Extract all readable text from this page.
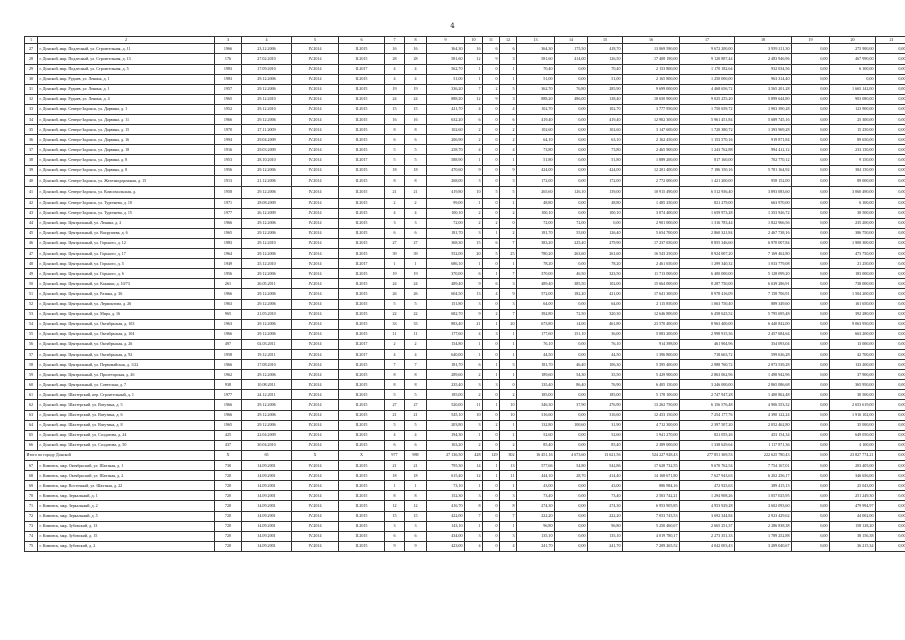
4
1	2	3	4	5	6	7	8	9	10	11	12	13	14	15	16	17	18	19	20	21
27	г. Донской, мкр. Подлесный, ул. Строительная, д. 11	1966	23.12.2006	IV.2014	II.2015	16	16	364,30	16	6	6	364,30	175,50	418,70	13 069 590,00	9 672 200,00	3 959 211,30	0,00	275 900,00	0,00
28	г. Донской, мкр. Подлесный, ул. Строительная, д. 13	176	27.02.2010	IV.2014	II.2015	28	28	581,60	12	9	3	581,60	414,00	126,50	17 408 190,00	9 120 887,44	2 483 946,96	0,00	467 990,00	0,00
29	г. Донской, мкр. Подлесный, ул. Строительная, д. 5	1983	17.09.2010	IV.2014	II.2017	4	4	562,70	1	0	1	70,40	0,00	70,40	2 153 800,00	1 170 182,64	932 034,56	0,00	6 100,00	0,00
30	г. Донской, мкр. Руднев, ул. Ленина, д. 1	1983	29.12.2006	IV.2014	II.2015	4	4	51,00	1	0	1	51,00	0,00	51,00	2 165 800,00	1 250 000,00	963 314,40	0,00	0,00	0,00
31	г. Донской, мкр. Руднев, ул. Ленина, д. 1	1957	29.12.2006	IV.2014	II.2015	19	19	336,20	7	2	5	362,70	76,80	285,90	9 699 000,00	4 468 656,72	3 565 201,28	0,00	1 665 142,00	0,00
32	г. Донской, мкр. Руднев, ул. Ленина, д. 4	1965	29.12.2010	IV.2014	II.2015	24	24	888,20	12	9	3	888,20	486,00	138,40	18 650 900,00	9 025 255,20	5 899 644,80	0,00	903 080,00	0,00
33	г. Донской, мкр. Северо-Задонск, ул. Дарвина, д. 1	1952	29.12.2010	IV.2014	II.2015	15	15	421,70	4	0	4	102,70	0,00	102,70	3 777 950,00	1 750 659,72	1 903 390,28	0,00	123 900,00	0,00
34	г. Донской, мкр. Северо-Задонск, ул. Дарвина, д. 11	1966	29.12.2006	IV.2014	II.2015	16	16	632,20	6	0	6	419,40	0,00	419,40	12 902 300,00	5 961 451,84	5 689 745,16	0,00	25 300,00	0,00
35	г. Донской, мкр. Северо-Задонск, ул. Дарвина, д. 15	1970	27.11.2009	IV.2014	II.2015	8	8	102,60	2	0	2	102,60	0,00	102,60	3 147 600,00	1 720 380,72	1 393 969,28	0,00	15 250,00	0,00
36	г. Донской, мкр. Северо-Задонск, ул. Дарвина, д. 16	1994	29.04.2009	IV.2014	II.2015	6	6	206,90	2	0	2	64,10	0,00	63,10	2 162 450,00	1 153 570,16	919 871,84	0,00	89 650,00	0,00
37	г. Донской, мкр. Северо-Задонск, ул. Дарвина, д. 18	1916	29.03.2009	IV.2014	II.2015	5	5	258,70	4	0	4	73,80	0,00	73,80	2 465 900,00	1 243 762,88	994 412,12	0,00	233 150,00	0,00
38	г. Донской, мкр. Северо-Задонск, ул. Дарвина, д. 8	1953	28.10.2010	IV.2014	II.2017	5	5	588,90	1	0	1	51,80	0,00	51,80	1 889 200,00	817 160,00	702 770,12	0,00	9 150,00	0,00
39	г. Донской, мкр. Северо-Задонск, ул. Дарвина, д. 8	1956	29.12.2006	IV.2014	II.2015	18	18	470,60	9	0	9	424,00	0,00	424,00	12 201 400,00	7 186 150,16	5 781 164,92	0,00	384 150,00	0,00
40	г. Донской, мкр. Северо-Задонск, ул. Железнодорожная, д. 15	1913	21.12.2006	IV.2014	II.2015	8	8	268,00	3	0	3	172,00	0,00	172,00	2 772 000,00	1 421 200,00	958 152,00	0,00	89 000,00	0,00
41	г. Донской, мкр. Северо-Задонск, ул. Комсомольская, д.	1958	29.12.2006	IV.2014	II.2015	21	21	419,80	10	5	5	265,60	126,10	139,00	10 915 490,00	6 512 936,40	3 893 083,60	0,00	3 060 490,00	0,00
42	г. Донской, мкр. Северо-Задонск, ул. Тургенева, д. 10	1971	28.08.2009	IV.2014	II.2015	2	2	99,00	1	0	1	48,80	0,00	48,80	1 485 250,00	821 279,00	663 970,00	0,00	6 100,00	0,00
43	г. Донской, мкр. Северо-Задонск, ул. Тургенева, д. 15	1977	26.12.2009	IV.2014	II.2015	4	4	100,10	2	0	2	100,10	0,00	100,10	3 074 400,00	1 659 973,28	1 353 926,72	0,00	30 500,00	0,00
44	г. Донской, мкр. Центральный, ул. Ленина, д. 2	1966	29.12.2006	IV.2014	II.2015	3	3	72,00	2	2	0	72,00	72,00	0,00	2 901 000,00	1 316 783,44	1 822 966,56	0,00	235 200,00	0,00
45	г. Донской, мкр. Центральный, ул. Вахрушева, д. 6	1965	29.12.2006	IV.2014	II.2015	6	6	181,70	3	1	2	181,70	55,00	126,40	5 654 700,00	2 860 321,84	2 467 738,16	0,00	386 750,00	0,00
46	г. Донской, мкр. Центральный, ул. Горького, д. 12	1983	29.12.2010	IV.2014	II.2015	27	27	368,30	15	6	7	383,20	225,40	279,90	17 237 650,00	8 855 346,60	6 970 007,84	0,00	1 900 300,00	0,00
47	г. Донской, мкр. Центральный, ул. Горького, д. 17	1964	29.12.2006	IV.2014	II.2015	39	39	552,00	20	5	25	780,20	263,60	261,60	16 543 250,00	8 924 007,20	7 169 462,80	0,00	473 750,00	0,00
48	г. Донской, мкр. Центральный, ул. Горького, д. 5	1949	25.12.2010	IV.2014	II.2017	1	1	686,10	1	0	1	78,20	0,00	78,20	2 461 650,00	1 299 340,32	1 033 779,08	0,00	21 250,00	0,00
49	г. Донской, мкр. Центральный, ул. Горького, д. 6	1956	29.12.2006	IV.2014	II.2015	19	19	370,00	6	1	7	370,00	46,50	323,50	11 713 000,00	6 400 000,00	5 128 099,20	0,00	183 000,00	0,00
50	г. Донской, мкр. Центральный, ул. Казанки, д. 10/73	261	26.05.2011	IV.2014	II.2015	24	24	489,40	9	6	3	489,40	385,50	102,00	15 664 000,00	8 287 750,00	6 639 286,91	0,00	738 000,00	0,00
51	г. Донской, мкр. Центральный, ул. Разина, д. 36	1966	29.12.2006	IV.2014	II.2015	26	26	604,50	13	4	9	572,00	182,20	421,00	17 641 300,00	8 978 416,09	7 158 706,91	0,00	1 504 200,00	0,00
52	г. Донской, мкр. Центральный, ул. Лермонтова, д. 26	1963	29.12.2006	IV.2014	II.2015	5	5	151,80	3	0	3	64,00	0,00	64,00	2 115 850,00	1 063 750,40	889 349,60	0,00	161 650,00	0,00
53	г. Донской, мкр. Центральный, ул. Мира, д. 16	965	21.05.2010	IV.2014	II.2015	22	22	682,70	9	2	7	392,80	72,50	320,30	12 646 800,00	6 458 625,52	5 795 695,48	0,00	392 280,00	0,00
54	г. Донской, мкр. Центральный, ул. Октябрьская, д. 103	1963	29.12.2006	IV.2014	II.2015	33	33	883,40	21	1	20	673,80	14,00	461,80	23 570 400,00	8 963 400,00	6 440 842,00	0,00	9 063 950,00	0,00
55	г. Донской, мкр. Центральный, ул. Октябрьская, д. 104	1966	29.12.2006	IV.2014	II.2015	11	11	177,60	4	3	1	177,60	151,10	36,00	5 083 200,00	2 998 915,36	2 457 684,64	0,00	663 200,00	0,00
56	г. Донской, мкр. Центральный, ул. Октябрьская, д. 26	497	02.03.2011	IV.2014	II.2017	2	2	154,80	1	0	1	76,10	0,00	76,10	914 398,00	461 904,96	354 093,04	0,00	13 000,00	0,00
57	г. Донской, мкр. Центральный, ул. Октябрьская, д. 92	1958	19.12.2011	IV.2014	II.2017	4	4	640,00	1	0	1	44,50	0,00	44,50	1 396 800,00	718 663,72	599 636,28	0,00	42 700,00	0,00
58	г. Донской, мкр. Центральный, ул. Первомайская, д. 1/22	1966	17.08.2010	IV.2014	II.2015	7	7	181,70	6	1	5	181,70	46,40	106,30	5 395 400,00	2 988 760,72	2 873 539,28	0,00	133 200,00	0,00
59	г. Донской, мкр. Центральный, ул. Пролетарская, д. 26	1962	29.12.2006	IV.2014	II.2015	8	8	289,60	2	1	1	189,60	54,30	35,50	5 429 900,00	2 863 062,96	1 498 942,96	0,00	37 900,00	0,00
60	г. Донской, мкр. Центральный, ул. Советская, д. 7	938	10.08.2011	IV.2014	II.2015	8	8	235,40	3	3	0	135,40	86,40	76,90	6 405 150,00	3 246 000,00	2 865 086,68	0,00	365 950,00	0,00
61	г. Донской, мкр. Шахтерский, пер. Строительный, д. 1	1977	24.12.2011	IV.2014	II.2015	5	5	185,00	2	0	2	185,00	0,00	185,00	5 178 100,00	2 747 947,28	1 400 862,48	0,00	30 500,00	0,00
62	г. Донской, мкр. Шахтерский, ул. Ватутина, д. 5	1966	29.12.2006	IV.2014	II.2015	27	27	520,00	11	1	10	346,30	37,90	276,90	13 262 750,00	6 156 576,48	4 906 553,32	0,00	2 653 619,00	0,00
63	г. Донской, мкр. Шахтерский, ул. Ватутина, д. 6	1966	29.12.2006	IV.2014	II.2015	21	21	545,10	10	0	10	316,60	0,00	316,60	12 453 150,00	7 254 177,76	4 390 122,24	0,00	1 916 102,00	0,00
64	г. Донской, мкр. Шахтерский, ул. Ватутина, д. 8	1965	29.12.2006	IV.2014	II.2015	5	5	203,80	3	2	1	132,80	100,60	31,90	4 712 300,00	2 397 507,20	2 052 462,80	0,00	35 000,00	0,00
65	г. Донской, мкр. Шахтерский, ул. Солдатова, д. 24	425	22.04.2009	IV.2014	II.2015	4	4	194,30	1	0	1	52,60	0,00	52,60	1 941 270,00	821 055,26	453 154,34	0,00	649 050,00	0,00
66	г. Донской, мкр. Шахтерский, ул. Солдатова, д. 50	437	30.04.2010	IV.2014	II.2015	6	6	163,20	2	0	2	85,40	0,00	85,40	2 389 000,00	1 338 629,64	1 117 871,36	0,00	4 100,00	0,00
Итого по городу Донской		Х	65	Х	Х	977	988	27 136,50	428	129	302	16 451,16	4 673,60	13 621,56	524 227 928,43	277 851 369,53	222 625 780,43	0,00	23 827 774,21	0,00
67	г. Кимовск, мкр. Октябрьский, ул. Шахтная, д. 1	730	14.09.2001	IV.2014	II.2015	21	21	795,30	14	1	13	577,66	54,80	542,86	17 628 732,55	9 670 762,54	7 754 167,01	0,00	203 405,00	0,00
68	г. Кимовск, мкр. Октябрьский, ул. Шахтная, д. 2	720	14.09.2001	IV.2014	II.2015	18	18	615,40	12	1	11	444,10	28,70	414,40	14 168 671,80	7 627 943,63	6 202 256,17	0,00	346 656,00	0,00
69	г. Кимовск, мкр. Восточный, ул. Шахтная, д. 22	720	14.09.2001	IV.2014	II.2015	1	1	73,10	1	0	1	43,00	0,00	43,00	886 984,16	472 925,63	389 415,13	0,00	25 043,00	0,00
70	г. Кимовск, мкр. Зеркальный, д. 1	720	14.09.2001	IV.2014	II.2015	8	8	152,30	3	0	3	73,40	0,00	73,40	2 503 742,21	1 294 908,26	1 057 025,95	0,00	251 249,30	0,00
71	г. Кимовск, мкр. Зеркальный, д. 2	720	14.09.2001	IV.2014	II.2015	12	12	416,70	8	0	8	274,30	0,00	274,30	6 953 905,85	4 953 929,28	3 602 093,60	0,00	479 994,97	0,00
72	г. Кимовск, мкр. Зеркальный, д. 5	720	14.09.2001	IV.2014	II.2015	15	15	422,00	7	0	7	222,20	0,00	222,20	7 053 743,53	3 692 344,84	2 923 429,62	0,00	44 002,00	0,00
73	г. Кимовск, мкр. Зубовский, д. 13	720	14.09.2001	IV.2014	II.2015	3	3	143,10	1	0	1	96,80	0,00	96,80	5 250 460,67	2 665 251,37	2 286 838,38	0,00	158 128,20	0,00
74	г. Кимовск, мкр. Зубовский, д. 15	720	14.09.2001	IV.2014	II.2015	6	6	434,00	3	0	3	135,10	0,00	135,10	4 019 780,17	2 273 351,33	1 789 252,88	0,00	38 156,38	0,00
75	г. Кимовск, мкр. Зубовский, д. 2	720	14.09.2001	IV.2014	II.2015	9	9	423,00	4	0	4	241,70	0,00	241,70	7 209 265,52	4 042 003,43	3 209 040,67	0,00	36 215,34	0,00
